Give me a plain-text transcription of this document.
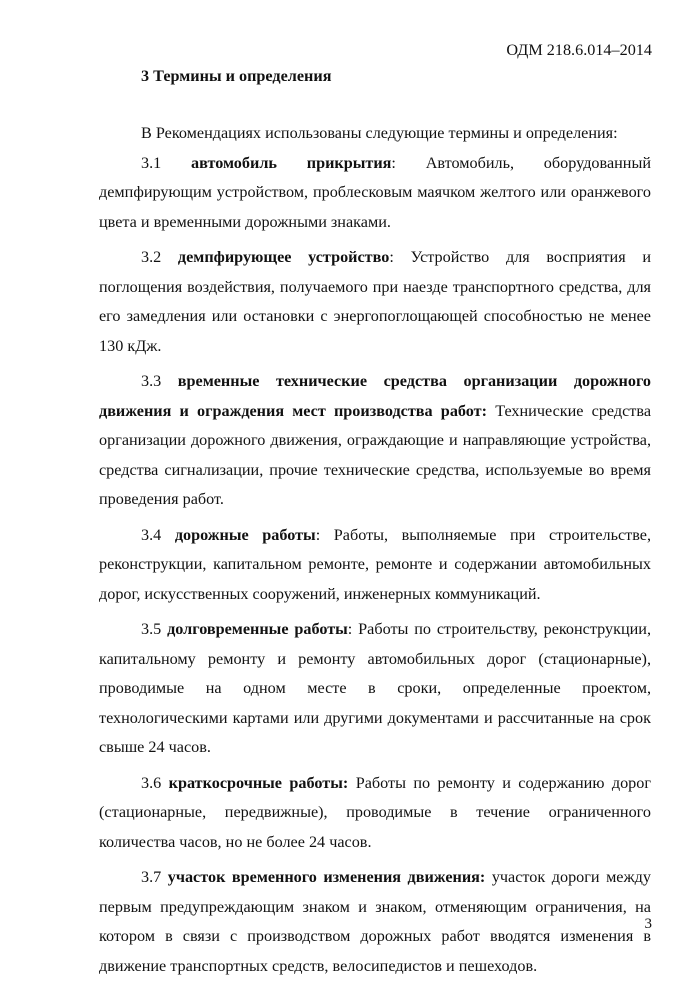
ОДМ 218.6.014–2014
3 Термины и определения

В Рекомендациях использованы следующие термины и определения:

3.1 автомобиль прикрытия: Автомобиль, оборудованный демпфирующим устройством, проблесковым маячком желтого или оранжевого цвета и временными дорожными знаками.

3.2 демпфирующее устройство: Устройство для восприятия и поглощения воздействия, получаемого при наезде транспортного средства, для его замедления или остановки с энергопоглощающей способностью не менее 130 кДж.

3.3 временные технические средства организации дорожного движения и ограждения мест производства работ: Технические средства организации дорожного движения, ограждающие и направляющие устройства, средства сигнализации, прочие технические средства, используемые во время проведения работ.

3.4 дорожные работы: Работы, выполняемые при строительстве, реконструкции, капитальном ремонте, ремонте и содержании автомобильных дорог, искусственных сооружений, инженерных коммуникаций.

3.5 долговременные работы: Работы по строительству, реконструкции, капитальному ремонту и ремонту автомобильных дорог (стационарные), проводимые на одном месте в сроки, определенные проектом, технологическими картами или другими документами и рассчитанные на срок свыше 24 часов.

3.6 краткосрочные работы: Работы по ремонту и содержанию дорог (стационарные, передвижные), проводимые в течение ограниченного количества часов, но не более 24 часов.

3.7 участок временного изменения движения: участок дороги между первым предупреждающим знаком и знаком, отменяющим ограничения, на котором в связи с производством дорожных работ вводятся изменения в движение транспортных средств, велосипедистов и пешеходов.

3
